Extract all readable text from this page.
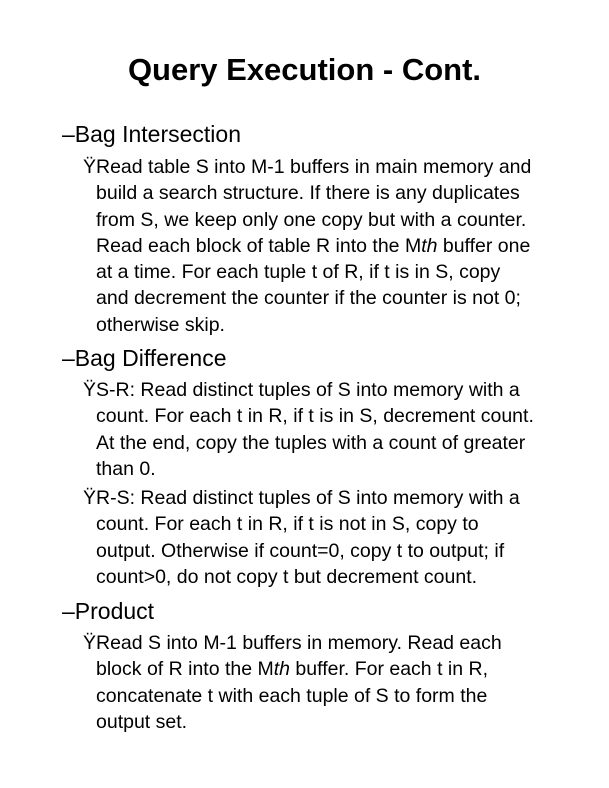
Query Execution - Cont.

–Bag Intersection

Ÿ Read table S into M-1 buffers in main memory and
build a search structure. If there is any duplicates
from S, we keep only one copy but with a counter.
Read each block of table R into the Mth buffer one
at a time. For each tuple t of R, if t is in S, copy
and decrement the counter if the counter is not 0;
otherwise skip.

–Bag Difference

Ÿ S-R: Read distinct tuples of S into memory with a
count. For each t in R, if t is in S, decrement count.
At the end, copy the tuples with a count of greater
than 0.
Ÿ R-S: Read distinct tuples of S into memory with a
count. For each t in R, if t is not in S, copy to
output. Otherwise if count=0, copy t to output; if
count>0, do not copy t but decrement count.

–Product

Ÿ Read S into M-1 buffers in memory. Read each
block of R into the Mth buffer. For each t in R,
concatenate t with each tuple of S to form the
output set.
